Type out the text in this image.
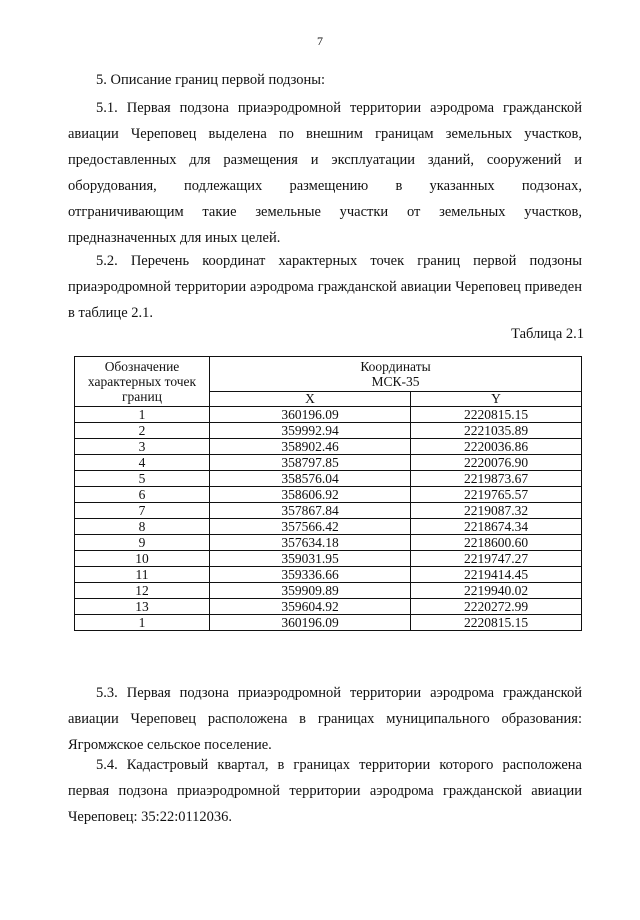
7
5. Описание границ первой подзоны:

5.1. Первая подзона приаэродромной территории аэродрома гражданской авиации Череповец выделена по внешним границам земельных участков, предоставленных для размещения и эксплуатации зданий, сооружений и оборудования, подлежащих размещению в указанных подзонах, отграничивающим такие земельные участки от земельных участков, предназначенных для иных целей.

5.2. Перечень координат характерных точек границ первой подзоны приаэродромной территории аэродрома гражданской авиации Череповец приведен в таблице 2.1.

Таблица 2.1
Обозначение характерных точек границ	Координаты
МСК-35	
	X	Y
1	360196.09	2220815.15
2	359992.94	2221035.89
3	358902.46	2220036.86
4	358797.85	2220076.90
5	358576.04	2219873.67
6	358606.92	2219765.57
7	357867.84	2219087.32
8	357566.42	2218674.34
9	357634.18	2218600.60
10	359031.95	2219747.27
11	359336.66	2219414.45
12	359909.89	2219940.02
13	359604.92	2220272.99
1	360196.09	2220815.15

5.3. Первая подзона приаэродромной территории аэродрома гражданской авиации Череповец расположена в границах муниципального образования: Ягромжское сельское поселение.

5.4. Кадастровый квартал, в границах территории которого расположена первая подзона приаэродромной территории аэродрома гражданской авиации Череповец: 35:22:0112036.
